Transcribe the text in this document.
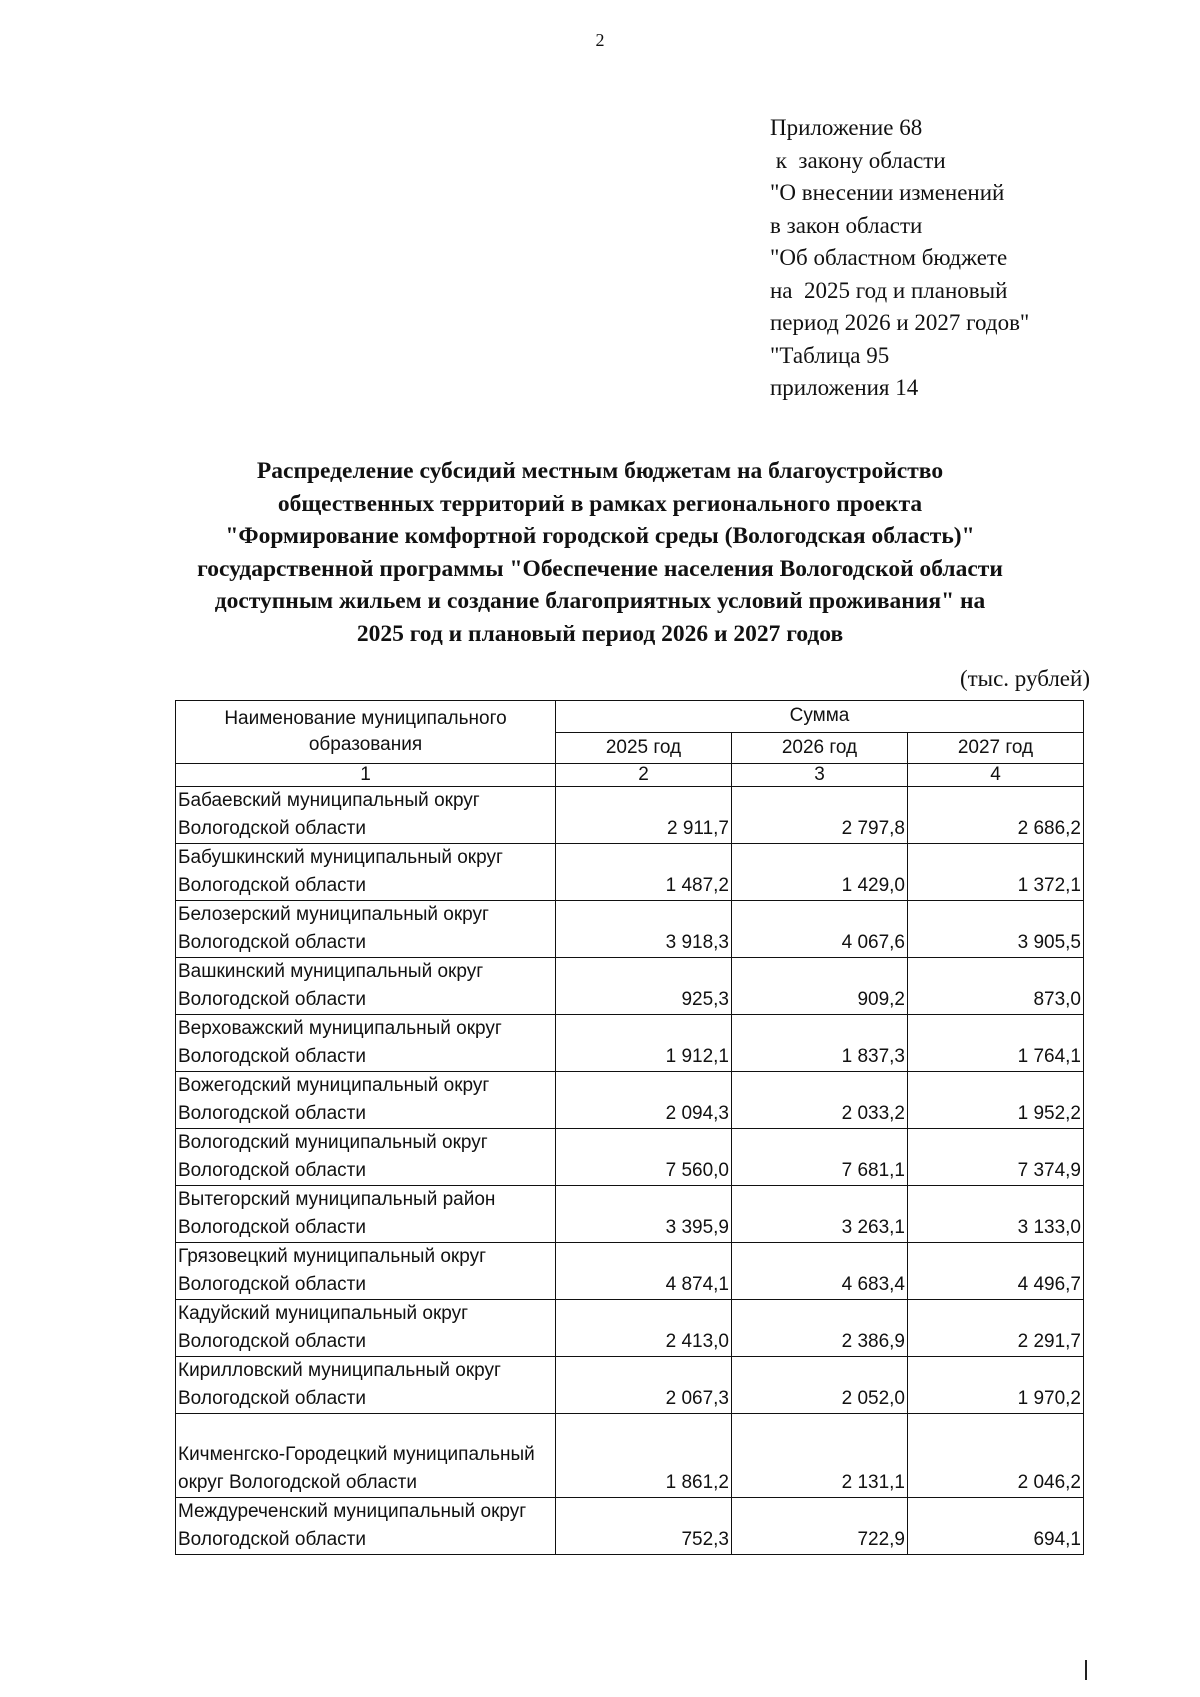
2
Приложение 68
к  закону области
"О внесении изменений
в закон области
"Об областном бюджете
на  2025 год и плановый
период 2026 и 2027 годов"
"Таблица 95
приложения 14
Распределение субсидий местным бюджетам на благоустройство
общественных территорий в рамках регионального проекта
"Формирование комфортной городской среды (Вологодская область)"
государственной программы "Обеспечение населения Вологодской области
доступным жильем и создание благоприятных условий проживания" на
2025 год и плановый период 2026 и 2027 годов
(тыс. рублей)
Наименование муниципального образования	Сумма		
	2025 год	2026 год	2027 год
1	2	3	4
Бабаевский муниципальный округ Вологодской области	2 911,7	2 797,8	2 686,2
Бабушкинский муниципальный округ Вологодской области	1 487,2	1 429,0	1 372,1
Белозерский муниципальный округ Вологодской области	3 918,3	4 067,6	3 905,5
Вашкинский муниципальный округ Вологодской области	925,3	909,2	873,0
Верховажский муниципальный округ Вологодской области	1 912,1	1 837,3	1 764,1
Вожегодский муниципальный округ Вологодской области	2 094,3	2 033,2	1 952,2
Вологодский муниципальный округ Вологодской области	7 560,0	7 681,1	7 374,9
Вытегорский муниципальный район Вологодской области	3 395,9	3 263,1	3 133,0
Грязовецкий муниципальный округ Вологодской области	4 874,1	4 683,4	4 496,7
Кадуйский муниципальный округ Вологодской области	2 413,0	2 386,9	2 291,7
Кирилловский муниципальный округ Вологодской области	2 067,3	2 052,0	1 970,2
Кичменгско-Городецкий муниципальный округ Вологодской области	1 861,2	2 131,1	2 046,2
Междуреченский муниципальный округ Вологодской области	752,3	722,9	694,1
